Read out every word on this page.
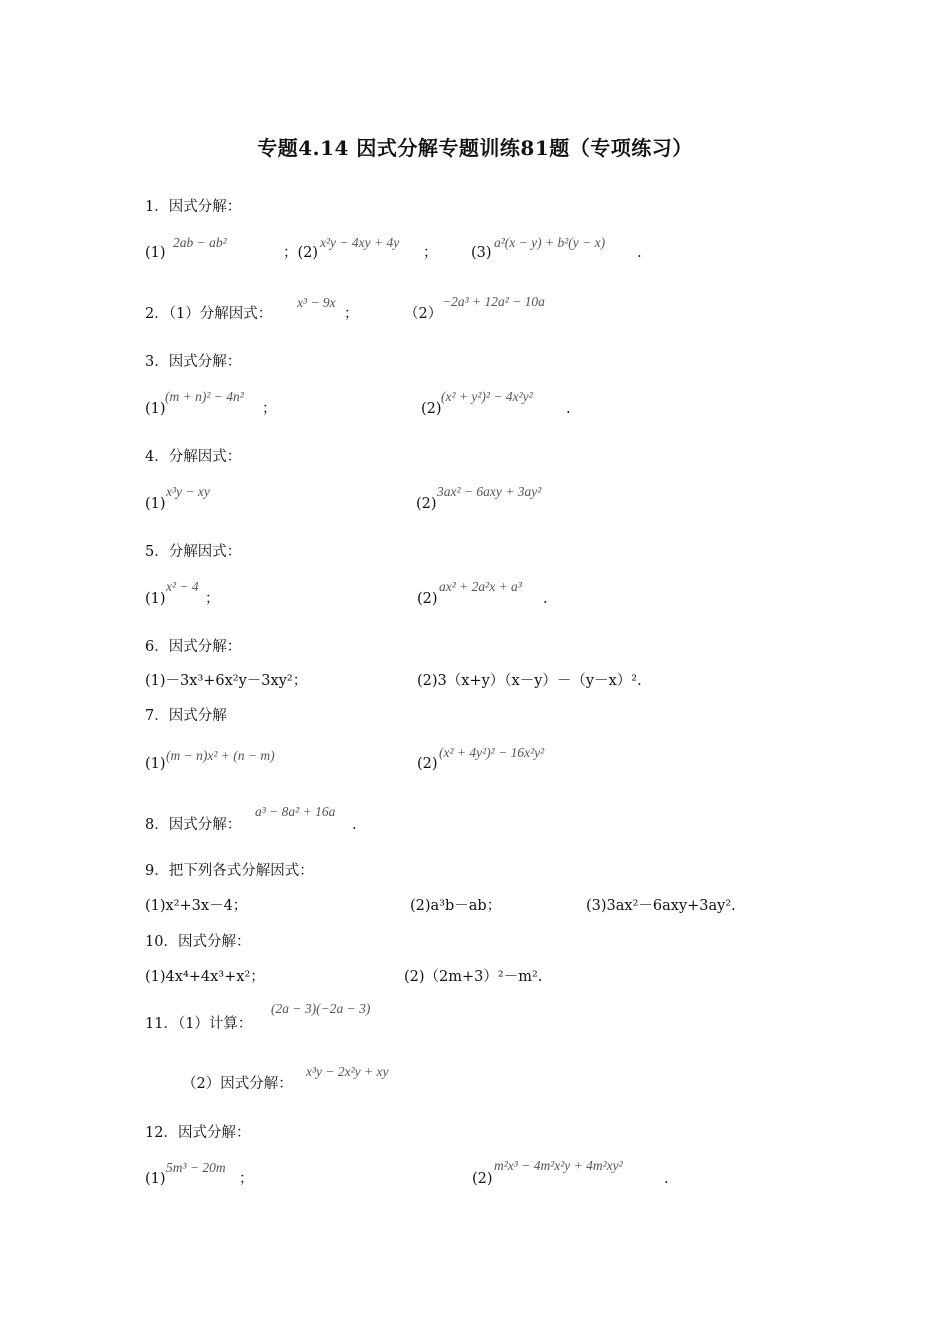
专题4.14 因式分解专题训练81题（专项练习）
1．因式分解：
(1)
2ab − ab²
；(2)
x²y − 4xy + 4y
； (3)
a²(x − y) + b²(y − x)
.
2．（1）分解因式：
x³ − 9x
；	（2）
−2a³ + 12a² − 10a
3．因式分解：
(1)
(m + n)² − 4n²
；	(2)
(x² + y²)² − 4x²y²
.
4．分解因式：
(1)
x³y − xy
(2)
3ax² − 6axy + 3ay²
5．分解因式：
(1)
x² − 4
；	(2)
ax² + 2a²x + a³
.
6．因式分解：
(1)－3x³+6x²y－3xy²；	(2)3（x+y）（x－y）－（y－x）².
7．因式分解
(1)
(m − n)x² + (n − m)
(2)
(x² + 4y²)² − 16x²y²
8．因式分解：
a³ − 8a² + 16a
.
9．把下列各式分解因式：
(1)x²+3x－4；	(2)a³b－ab；	(3)3ax²－6axy+3ay².
10．因式分解：
(1)4x⁴+4x³+x²；	(2)（2m+3）²－m².
11．（1）计算：
(2a − 3)(−2a − 3)
（2）因式分解：
x³y − 2x²y + xy
12．因式分解：
(1)
5m³ − 20m
；	(2)
m²x³ − 4m²x²y + 4m²xy²
.
